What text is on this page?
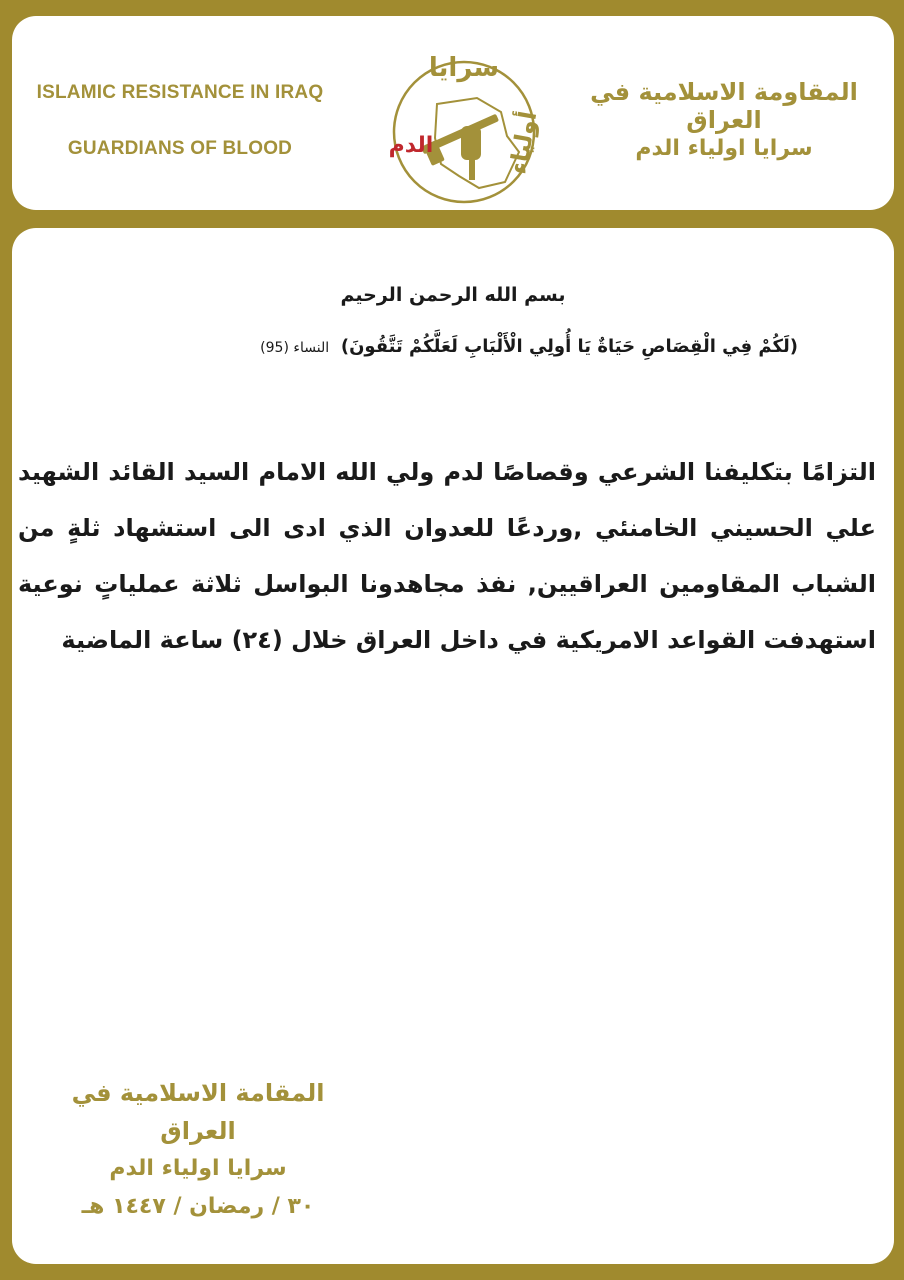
ISLAMIC RESISTANCE IN IRAQ
GUARDIANS OF BLOOD
المقاومة الاسلامية في العراق
سرايا اولياء الدم
سرايا
أولياء
الدم
بسم الله الرحمن الرحيم
(لَكُمْ فِي الْقِصَاصِ حَيَاةٌ يَا أُولِي الْأَلْبَابِ لَعَلَّكُمْ تَتَّقُونَ) النساء (95)
التزامًا بتكليفنا الشرعي وقصاصًا لدم ولي الله الامام السيد القائد الشهيد علي الحسيني الخامنئي ,وردعًا للعدوان الذي ادى الى استشهاد ثلةٍ من الشباب المقاومين العراقيين, نفذ مجاهدونا البواسل ثلاثة عملياتٍ نوعية استهدفت القواعد الامريكية في داخل العراق خلال (٢٤) ساعة الماضية
المقامة الاسلامية في العراق
سرايا اولياء الدم
٣٠ / رمضان / ١٤٤٧ هـ
